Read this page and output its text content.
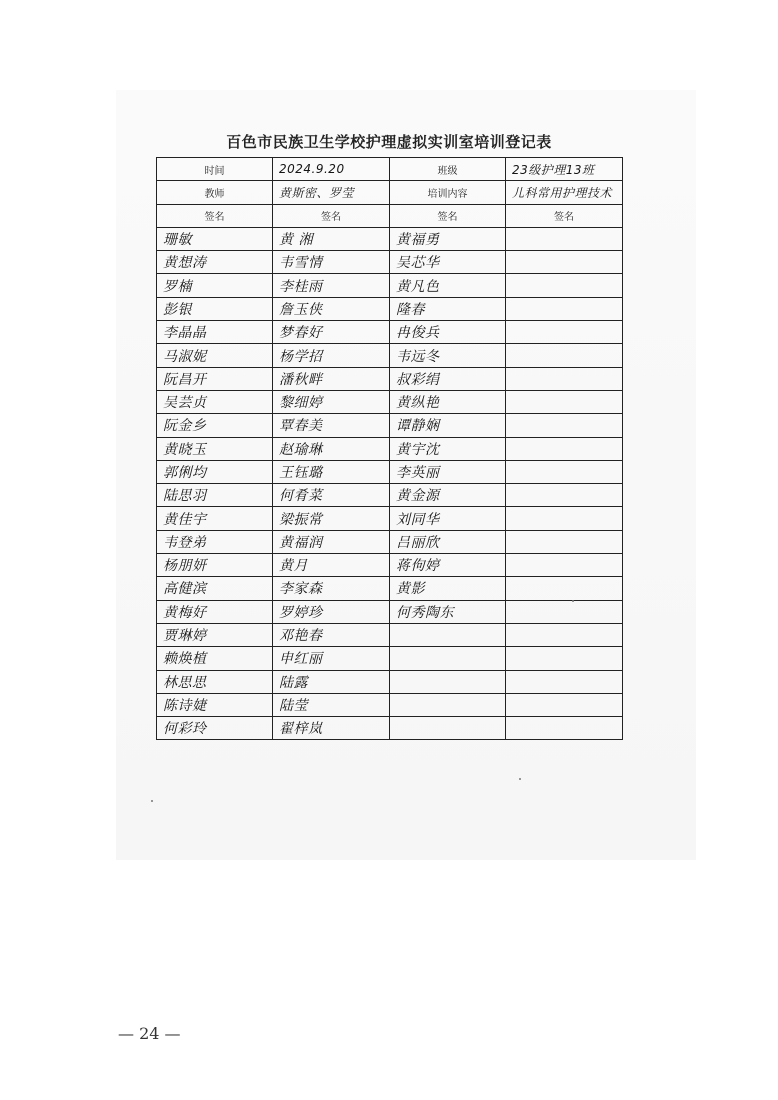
百色市民族卫生学校护理虚拟实训室培训登记表
时间	2024.9.20	班级	23级护理13班
教师	黄斯密、罗莹	培训内容	儿科常用护理技术
签名	签名	签名	签名
珊敏	黄 湘	黄福勇	
黄想涛	韦雪情	吴芯华	
罗楠	李桂雨	黄凡色	
彭银	詹玉侠	隆春	
李晶晶	梦春好	冉俊兵	
马淑妮	杨学招	韦远冬	
阮昌开	潘秋畔	叔彩绢	
吴芸贞	黎细婷	黄纵艳	
阮金乡	覃春美	谭静娴	
黄晓玉	赵瑜琳	黄宇沈	
郭俐均	王钰璐	李英丽	
陆思羽	何肴菜	黄金源	
黄佳宇	梁振常	刘同华	
韦登弟	黄福润	吕丽欣	
杨朋妍	黄月	蒋佝婷	
高健滨	李家森	黄影	
黄梅好	罗婷珍	何秀陶东	
贾琳婷	邓艳春		
赖焕植	申红丽		
林思思	陆露		
陈诗婕	陆莹		
何彩玲	翟梓岚		
— 24 —
